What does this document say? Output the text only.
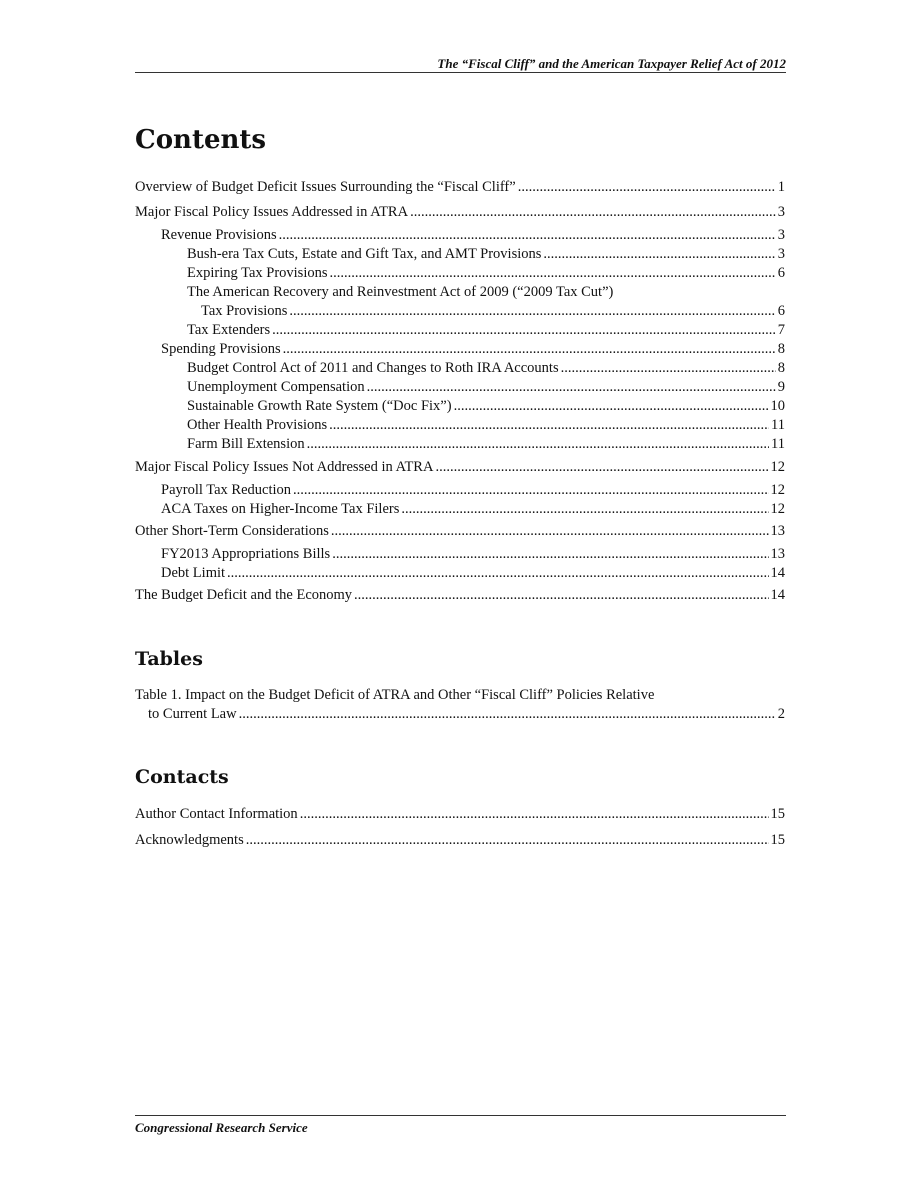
The “Fiscal Cliff” and the American Taxpayer Relief Act of 2012
Contents
Overview of Budget Deficit Issues Surrounding the “Fiscal Cliff” .....	1
Major Fiscal Policy Issues Addressed in ATRA .....	3
Revenue Provisions .....	3
Bush-era Tax Cuts, Estate and Gift Tax, and AMT Provisions .....	3
Expiring Tax Provisions .....	6
The American Recovery and Reinvestment Act of 2009 (“2009 Tax Cut”)
Tax Provisions .....	6
Tax Extenders .....	7
Spending Provisions .....	8
Budget Control Act of 2011 and Changes to Roth IRA Accounts .....	8
Unemployment Compensation .....	9
Sustainable Growth Rate System (“Doc Fix”) .....	10
Other Health Provisions .....	11
Farm Bill Extension .....	11
Major Fiscal Policy Issues Not Addressed in ATRA .....	12
Payroll Tax Reduction .....	12
ACA Taxes on Higher-Income Tax Filers .....	12
Other Short-Term Considerations .....	13
FY2013 Appropriations Bills .....	13
Debt Limit .....	14
The Budget Deficit and the Economy .....	14
Tables
Table 1. Impact on the Budget Deficit of ATRA and Other “Fiscal Cliff” Policies Relative
to Current Law .....	2
Contacts
Author Contact Information .....	15
Acknowledgments .....	15
Congressional Research Service
